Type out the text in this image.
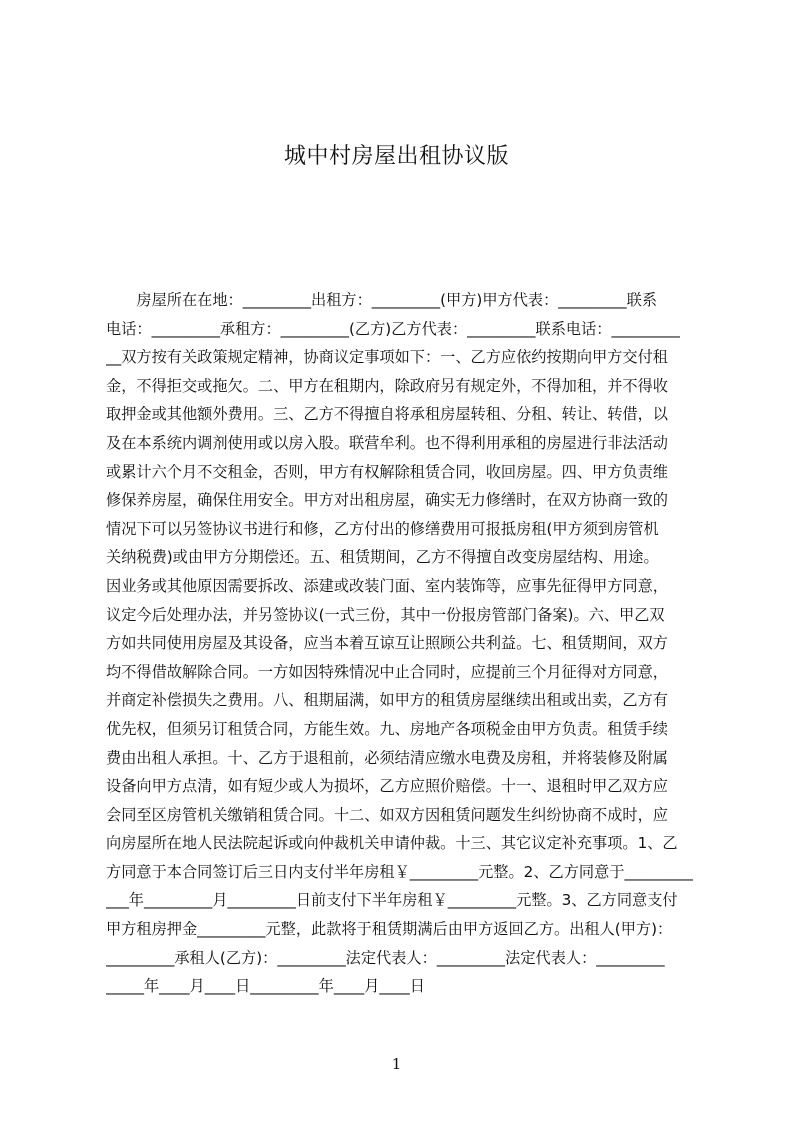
城中村房屋出租协议版
　　房屋所在在地：_________出租方：_________(甲方)甲方代表：_________联系
电话：_________承租方：_________(乙方)乙方代表：_________联系电话：_________
__双方按有关政策规定精神，协商议定事项如下：一、乙方应依约按期向甲方交付租
金，不得拒交或拖欠。二、甲方在租期内，除政府另有规定外，不得加租，并不得收
取押金或其他额外费用。三、乙方不得擅自将承租房屋转租、分租、转让、转借，以
及在本系统内调剂使用或以房入股。联营牟利。也不得利用承租的房屋进行非法活动
或累计六个月不交租金，否则，甲方有权解除租赁合同，收回房屋。四、甲方负责维
修保养房屋，确保住用安全。甲方对出租房屋，确实无力修缮时，在双方协商一致的
情况下可以另签协议书进行和修，乙方付出的修缮费用可报抵房租(甲方须到房管机
关纳税费)或由甲方分期偿还。五、租赁期间，乙方不得擅自改变房屋结构、用途。
因业务或其他原因需要拆改、添建或改装门面、室内装饰等，应事先征得甲方同意，
议定今后处理办法，并另签协议(一式三份，其中一份报房管部门备案)。六、甲乙双
方如共同使用房屋及其设备，应当本着互谅互让照顾公共利益。七、租赁期间，双方
均不得借故解除合同。一方如因特殊情况中止合同时，应提前三个月征得对方同意，
并商定补偿损失之费用。八、租期届满，如甲方的租赁房屋继续出租或出卖，乙方有
优先权，但须另订租赁合同，方能生效。九、房地产各项税金由甲方负责。租赁手续
费由出租人承担。十、乙方于退租前，必须结清应缴水电费及房租，并将装修及附属
设备向甲方点清，如有短少或人为损坏，乙方应照价赔偿。十一、退租时甲乙双方应
会同至区房管机关缴销租赁合同。十二、如双方因租赁问题发生纠纷协商不成时，应
向房屋所在地人民法院起诉或向仲裁机关申请仲裁。十三、其它议定补充事项。1、乙
方同意于本合同签订后三日内支付半年房租￥_________元整。2、乙方同意于_________
___年_________月_________日前支付下半年房租￥_________元整。3、乙方同意支付
甲方租房押金_________元整，此款将于租赁期满后由甲方返回乙方。出租人(甲方)：
_________承租人(乙方)：_________法定代表人：_________法定代表人：_________
_____年____月____日_________年____月____日
1
